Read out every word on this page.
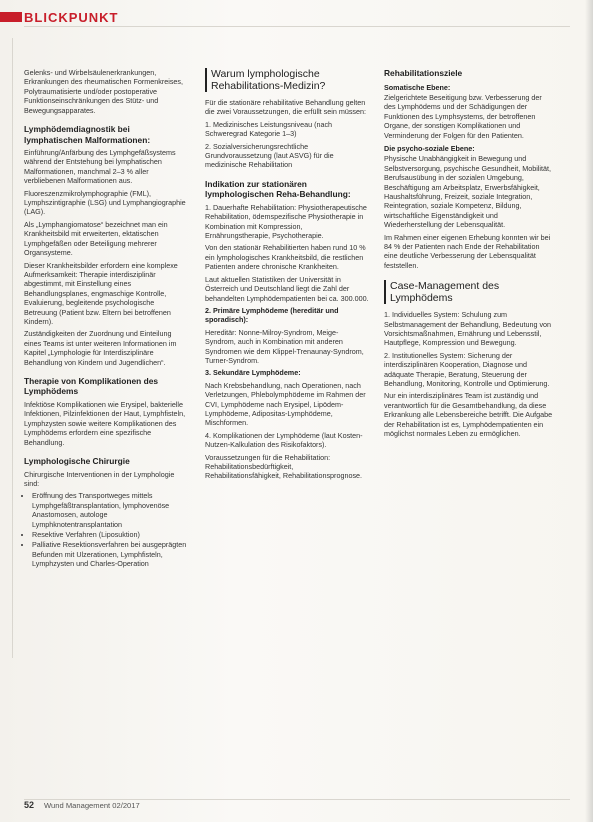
BLICKPUNKT

Gelenks- und Wirbelsäulenerkrankungen, Erkrankungen des rheumatischen Formenkreises, Polytraumatisierte und/oder postoperative Funktionseinschränkungen des Stütz- und Bewegungsapparates.

Lymphödemdiagnostik bei lymphatischen Malformationen:

Einführung/Anfärbung des Lymphgefäßsystems während der Entstehung bei lymphatischen Malformationen, manchmal 2–3 % aller verbliebenen Malformationen aus.

Fluoreszenzmikrolymphographie (FML), Lymphszintigraphie (LSG) und Lymphangiographie (LAG).

Als „Lymphangiomatose“ bezeichnet man ein Krankheitsbild mit erweiterten, ektatischen Lymphgefäßen oder Beteiligung mehrerer Organsysteme.

Dieser Krankheitsbilder erfordern eine komplexe Aufmerksamkeit: Therapie interdisziplinär abgestimmt, mit Einstellung eines Behandlungsplanes, engmaschige Kontrolle, Evaluierung, begleitende psychologische Betreuung (Patient bzw. Eltern bei betroffenen Kindern).

Zuständigkeiten der Zuordnung und Einteilung eines Teams ist unter weiteren Informationen im Kapitel „Lymphologie für Interdisziplinäre Behandlung von Kindern und Jugendlichen“.

Therapie von Komplikationen des Lymphödems

Infektiöse Komplikationen wie Erysipel, bakterielle Infektionen, Pilzinfektionen der Haut, Lymphfisteln, Lymphzysten sowie weitere Komplikationen des Lymphödems erfordern eine spezifische Behandlung.

Lymphologische Chirurgie

Chirurgische Interventionen in der Lymphologie sind:

• Eröffnung des Transportweges mittels Lymphgefäßtransplantation, lymphovenöse Anastomosen, autologe Lymphknotentransplantation
• Resektive Verfahren (Liposuktion)
• Palliative Resektionsverfahren bei ausgeprägten Befunden mit Ulzerationen, Lymphfisteln, Lymphzysten und Charles-Operation
Warum lymphologische Rehabilitations-Medizin?

Für die stationäre rehabilitative Behandlung gelten die zwei Voraussetzungen, die erfüllt sein müssen:

1. Medizinisches Leistungsniveau (nach Schweregrad Kategorie 1–3)

2. Sozialversicherungsrechtliche Grundvoraussetzung (laut ASVG) für die medizinische Rehabilitation

Indikation zur stationären lymphologischen Reha-Behandlung:

1. Dauerhafte Rehabilitation: Physiotherapeutische Rehabilitation, ödemspezifische Physiotherapie in Kombination mit Kompression, Ernährungstherapie, Psychotherapie.

Von den stationär Rehabilitierten haben rund 10 % ein lymphologisches Krankheitsbild, die restlichen Patienten andere chronische Krankheiten.

Laut aktuellen Statistiken der Universität in Österreich und Deutschland liegt die Zahl der behandelten Lymphödempatienten bei ca. 300.000.

2. Primäre Lymphödeme (hereditär und sporadisch):

Hereditär: Nonne-Milroy-Syndrom, Meige-Syndrom, auch in Kombination mit anderen Syndromen wie dem Klippel-Trenaunay-Syndrom, Turner-Syndrom.

3. Sekundäre Lymphödeme:

Nach Krebsbehandlung, nach Operationen, nach Verletzungen, Phlebolymphödeme im Rahmen der CVI, Lymphödeme nach Erysipel, Lipödem-Lymphödeme, Adipositas-Lymphödeme, Mischformen.

4. Komplikationen der Lymphödeme (laut Kosten-Nutzen-Kalkulation des Risikofaktors).

Voraussetzungen für die Rehabilitation: Rehabilitationsbedürftigkeit, Rehabilitationsfähigkeit, Rehabilitationsprognose.

Rehabilitationsziele
Somatische Ebene:

Zielgerichtete Beseitigung bzw. Verbesserung der des Lymphödems und der Schädigungen der Funktionen des Lymphsystems, der betroffenen Organe, der sonstigen Komplikationen und Verminderung der Folgen für den Patienten.

Die psycho-soziale Ebene:

Physische Unabhängigkeit in Bewegung und Selbstversorgung, psychische Gesundheit, Mobilität, Berufsausübung in der sozialen Umgebung, Beschäftigung am Arbeitsplatz, Erwerbsfähigkeit, Haushaltsführung, Freizeit, soziale Integration, Reintegration, soziale Kompetenz, Bildung, wirtschaftliche Eigenständigkeit und Wiederherstellung der Lebensqualität.

Im Rahmen einer eigenen Erhebung konnten wir bei 84 % der Patienten nach Ende der Rehabilitation eine deutliche Verbesserung der Lebensqualität feststellen.

Case-Management des Lymphödems

1. Individuelles System: Schulung zum Selbstmanagement der Behandlung, Bedeutung von Vorsichtsmaßnahmen, Ernährung und Lebensstil, Hautpflege, Kompression und Bewegung.

2. Institutionelles System: Sicherung der interdisziplinären Kooperation, Diagnose und adäquate Therapie, Beratung, Steuerung der Behandlung, Monitoring, Kontrolle und Optimierung.

Nur ein interdisziplinäres Team ist zuständig und verantwortlich für die Gesamtbehandlung, da diese Erkrankung alle Lebensbereiche betrifft. Die Aufgabe der Rehabilitation ist es, Lymphödempatienten ein möglichst normales Leben zu ermöglichen.

52 Wund Management 02/2017
